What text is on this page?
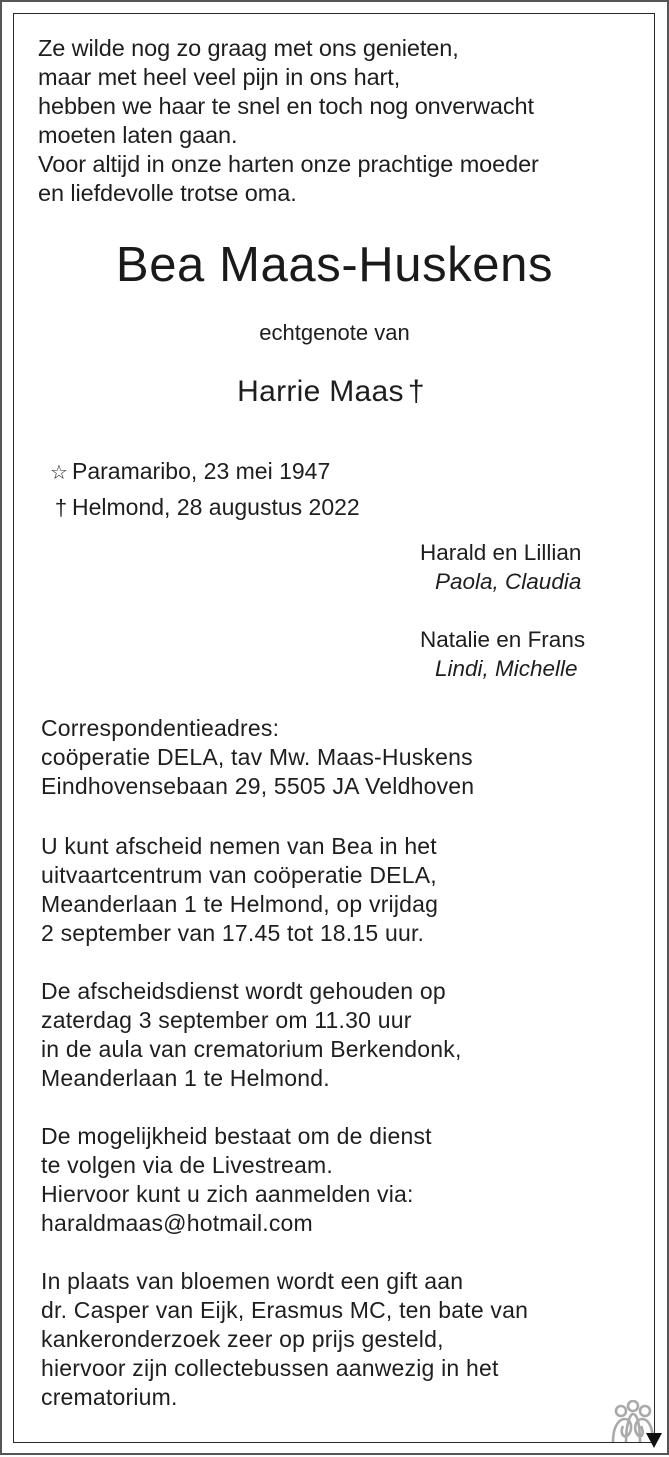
Ze wilde nog zo graag met ons genieten,
maar met heel veel pijn in ons hart,
hebben we haar te snel en toch nog onverwacht
moeten laten gaan.
Voor altijd in onze harten onze prachtige moeder
en liefdevolle trotse oma.
Bea Maas-Huskens
echtgenote van
Harrie Maas †
☆ Paramaribo, 23 mei 1947
† Helmond, 28 augustus 2022
Harald en Lillian
Paola, Claudia
Natalie en Frans
Lindi, Michelle
Correspondentieadres:
coöperatie DELA, tav Mw. Maas-Huskens
Eindhovensebaan 29, 5505 JA Veldhoven
U kunt afscheid nemen van Bea in het
uitvaartcentrum van coöperatie DELA,
Meanderlaan 1 te Helmond, op vrijdag
2 september van 17.45 tot 18.15 uur.
De afscheidsdienst wordt gehouden op
zaterdag 3 september om 11.30 uur
in de aula van crematorium Berkendonk,
Meanderlaan 1 te Helmond.
De mogelijkheid bestaat om de dienst
te volgen via de Livestream.
Hiervoor kunt u zich aanmelden via:
haraldmaas@hotmail.com
In plaats van bloemen wordt een gift aan
dr. Casper van Eijk, Erasmus MC, ten bate van
kankeronderzoek zeer op prijs gesteld,
hiervoor zijn collectebussen aanwezig in het
crematorium.
